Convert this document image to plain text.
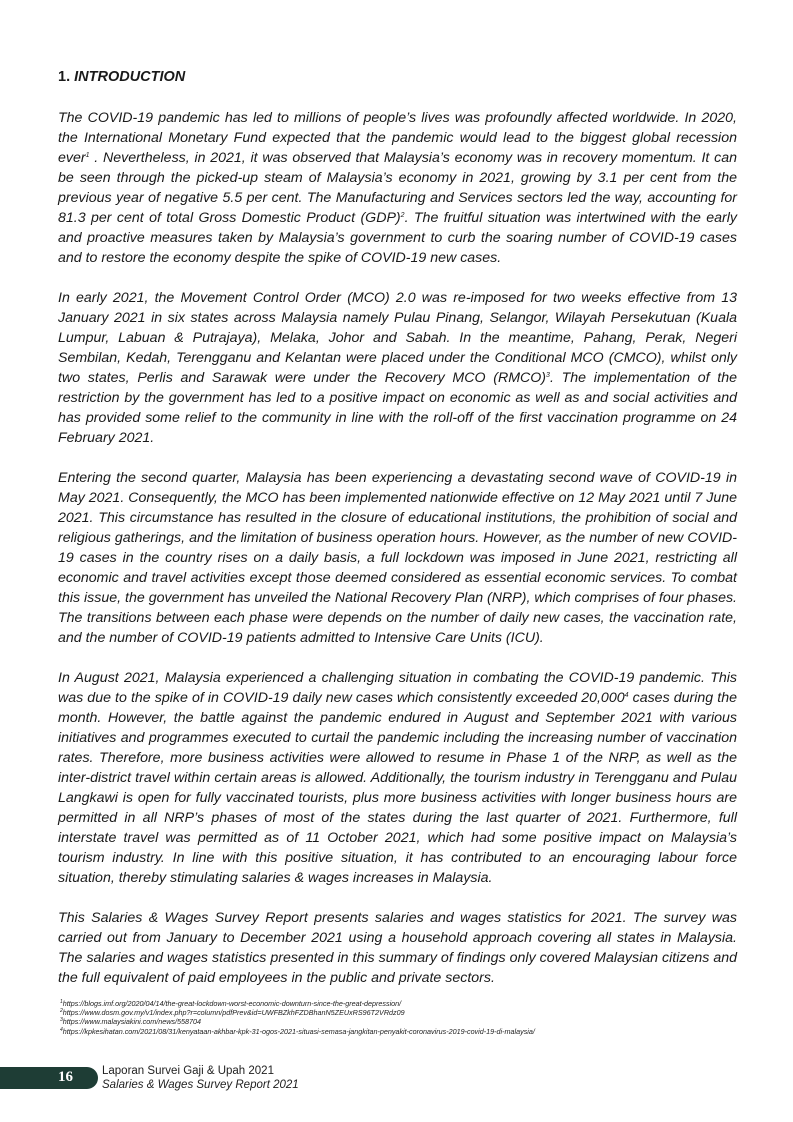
1. INTRODUCTION

The COVID-19 pandemic has led to millions of people’s lives was profoundly affected worldwide. In 2020, the International Monetary Fund expected that the pandemic would lead to the biggest global recession ever$^1$ . Nevertheless, in 2021, it was observed that Malaysia’s economy was in recovery momentum. It can be seen through the picked-up steam of Malaysia’s economy in 2021, growing by 3.1 per cent from the previous year of negative 5.5 per cent. The Manufacturing and Services sectors led the way, accounting for 81.3 per cent of total Gross Domestic Product (GDP)$^2$. The fruitful situation was intertwined with the early and proactive measures taken by Malaysia’s government to curb the soaring number of COVID-19 cases and to restore the economy despite the spike of COVID-19 new cases.

In early 2021, the Movement Control Order (MCO) 2.0 was re-imposed for two weeks effective from 13 January 2021 in six states across Malaysia namely Pulau Pinang, Selangor, Wilayah Persekutuan (Kuala Lumpur, Labuan & Putrajaya), Melaka, Johor and Sabah. In the meantime, Pahang, Perak, Negeri Sembilan, Kedah, Terengganu and Kelantan were placed under the Conditional MCO (CMCO), whilst only two states, Perlis and Sarawak were under the Recovery MCO (RMCO)$^3$. The implementation of the restriction by the government has led to a positive impact on economic as well as and social activities and has provided some relief to the community in line with the roll-off of the first vaccination programme on 24 February 2021.

Entering the second quarter, Malaysia has been experiencing a devastating second wave of COVID-19 in May 2021. Consequently, the MCO has been implemented nationwide effective on 12 May 2021 until 7 June 2021. This circumstance has resulted in the closure of educational institutions, the prohibition of social and religious gatherings, and the limitation of business operation hours. However, as the number of new COVID-19 cases in the country rises on a daily basis, a full lockdown was imposed in June 2021, restricting all economic and travel activities except those deemed considered as essential economic services. To combat this issue, the government has unveiled the National Recovery Plan (NRP), which comprises of four phases. The transitions between each phase were depends on the number of daily new cases, the vaccination rate, and the number of COVID-19 patients admitted to Intensive Care Units (ICU).

In August 2021, Malaysia experienced a challenging situation in combating the COVID-19 pandemic. This was due to the spike of in COVID-19 daily new cases which consistently exceeded 20,000$^4$ cases during the month. However, the battle against the pandemic endured in August and September 2021 with various initiatives and programmes executed to curtail the pandemic including the increasing number of vaccination rates. Therefore, more business activities were allowed to resume in Phase 1 of the NRP, as well as the inter-district travel within certain areas is allowed. Additionally, the tourism industry in Terengganu and Pulau Langkawi is open for fully vaccinated tourists, plus more business activities with longer business hours are permitted in all NRP’s phases of most of the states during the last quarter of 2021. Furthermore, full interstate travel was permitted as of 11 October 2021, which had some positive impact on Malaysia’s tourism industry. In line with this positive situation, it has contributed to an encouraging labour force situation, thereby stimulating salaries & wages increases in Malaysia.

This Salaries & Wages Survey Report presents salaries and wages statistics for 2021. The survey was carried out from January to December 2021 using a household approach covering all states in Malaysia. The salaries and wages statistics presented in this summary of findings only covered Malaysian citizens and the full equivalent of paid employees in the public and private sectors.

$^1$https://blogs.imf.org/2020/04/14/the-great-lockdown-worst-economic-downturn-since-the-great-depression/
$^2$https://www.dosm.gov.my/v1/index.php?r=column/pdfPrev&id=UWFBZkhFZDBhanN5ZEUxRS96T2VRdz09
$^3$https://www.malaysiakini.com/news/558704
$^4$https://kpkesihatan.com/2021/08/31/kenyataan-akhbar-kpk-31-ogos-2021-situasi-semasa-jangkitan-penyakit-coronavirus-2019-covid-19-di-malaysia/
16	Laporan Survei Gaji & Upah 2021
Salaries & Wages Survey Report 2021
